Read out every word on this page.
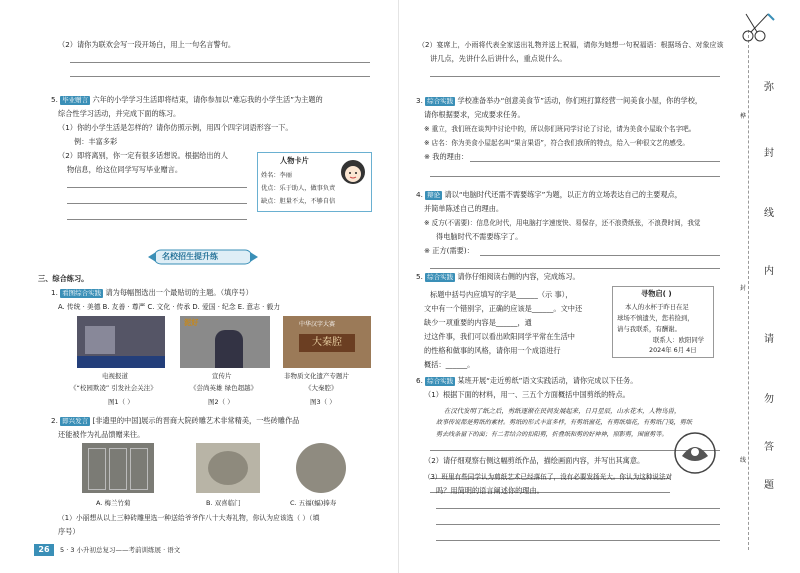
（2）请你为联欢会写一段开场白，用上一句名言警句。
5. 毕业赠言 六年的小学学习生活即将结束，请你参加以“难忘我的小学生活”为主题的
综合性学习活动，并完成下面的练习。
（1）你的小学生活是怎样的？请你仿照示例，用四个四字词语形容一下。
例：丰富多彩
（2）即将离别，你一定有很多话想说。根据给出的人
物信息，给这位同学写写毕业赠言。
人物卡片
姓名：李丽
优点：乐于助人，做事负责
缺点：胆量不太，不够自信
名校招生提升练
三、综合练习。
1. 看图综合实践 请为每幅图选出一个最贴切的主题。（填序号）
A. 传统 · 美德 B. 友善 · 尊严 C. 文化 · 传承 D. 爱国 · 纪念 E. 意志 · 毅力
泥好	中华汉字大赛
大秦腔
电视报道
《“校园欺凌” 引发社会关注》
宣传片
《尝尚英雄 绿色超越》
非物质文化遗产专题片
《大秦腔》
图1（ ）	图2（ ）	图3（ ）
2. 即兴发言 [非遗里的中国]展示的晋商大院砖雕艺术非常精美，一些砖雕作品
还能被作为礼品馈赠来往。
A. 梅兰竹菊	B. 双喜临门	C. 五福(蝠)捧寿
（1）小丽想从以上三种砖雕里选一种送给爷爷作八十大寿礼物，你认为应该选（ ）（填
序号）
26	5 · 3 小升初总复习——考前训练展 · 语文
（2）宴席上，小雨将代表全家送出礼物并送上祝福，请你为她想一句祝福语：根据场合、对象应该
讲几点，先讲什么后讲什么，重点说什么。
3. 综合实践 学校准备举办“创意美食节”活动，你们班打算经营一间美食小屋，你的学校，
请你根据要求，完成要求任务。
※ 重立，我们班在谈判中讨论中的，所以你们班同学讨论了讨论，请为美食小屋取个名字吧。
※ 店名：你为美食小屋起名叫“果言果语”，符合我们我所的特点，给入一种很文艺的感受。
※ 我的理由：
4. 辩论 请以“电脑时代还需不需要练字”为题，以正方的立场表达自己的主要观点，
并简单陈述自己的理由。
※ 反方(不需要)：信息化时代，用电脑打字速度快、易保存，还不浪费纸张，不浪费时间，我觉
得电脑时代不需要练字了。
※ 正方(需要)：
5. 综合实践 请你仔细阅读右侧的内容，完成练习。
标题中括号内应填写的字是______（示 事），
文中有一个错别字，正确的应该是______。文中还
缺少一项重要的内容是______，通
过这件事，我们可以看出欧阳同学平常在生活中
的性格和做事的风格，请你用一个成语进行
概括：______。
寻物启( )
本人的水杯于昨日在足
球场不慎遗失，您若捡到，
请与我联系，有酬谢。
联系人：欧阳同学
2024年 6月 4日
6. 综合实践 某班开展“走近剪纸”语文实践活动，请你完成以下任务。
（1）根据下面的材料，用一、三五个方面概括中国剪纸的特点。
在汉代发明了纸之后，剪纸逐渐在民间发展起来，日月星辰，山水花木，人物鸟兽，
故事传说都是剪纸的素材。剪纸的形式丰富多样，有剪纸窗花，有剪纸墙花，有剪纸门笺，剪纸
剪去线条留下的面；有二者结合的扣阳剪，折叠纸和剪的好神神，照影剪，围窗剪等。
（2）请仔细观察右侧这幅剪纸作品，描绘画面内容，并写出其寓意。
（3）班里有些同学认为剪纸艺术已经落伍了，没有必要发扬光大。你认为这种说法对
吗？用简明的语言阐述你的理由。
弥
封
线
内
请
勿
答
题
桦
封
线
